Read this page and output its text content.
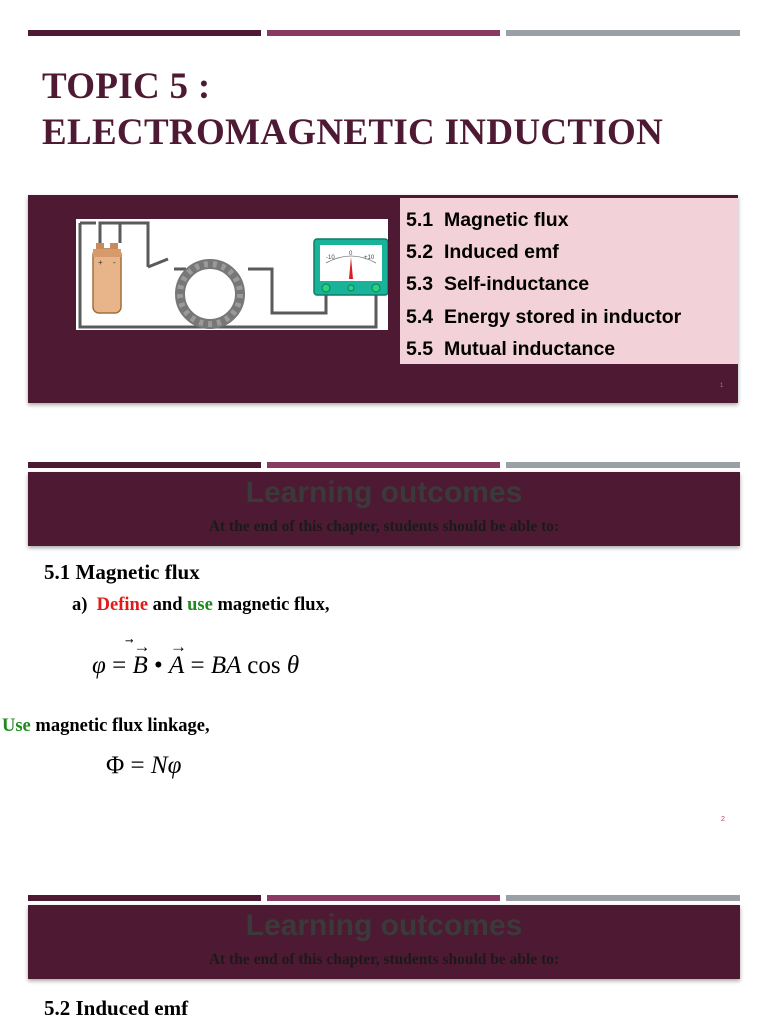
TOPIC 5 :
ELECTROMAGNETIC INDUCTION
1
+ -	-10
0
+10
5.1 Magnetic flux
5.2 Induced emf
5.3 Self-inductance
5.4 Energy stored in inductor
5.5 Mutual inductance
Learning outcomes
At the end of this chapter, students should be able to:
5.1 Magnetic flux
a) Define and use magnetic flux,
φ =
⃗→
B •
→
A = BA cos θ
Use magnetic flux linkage,
Φ = Nφ
2
Learning outcomes
At the end of this chapter, students should be able to:
5.2 Induced emf
